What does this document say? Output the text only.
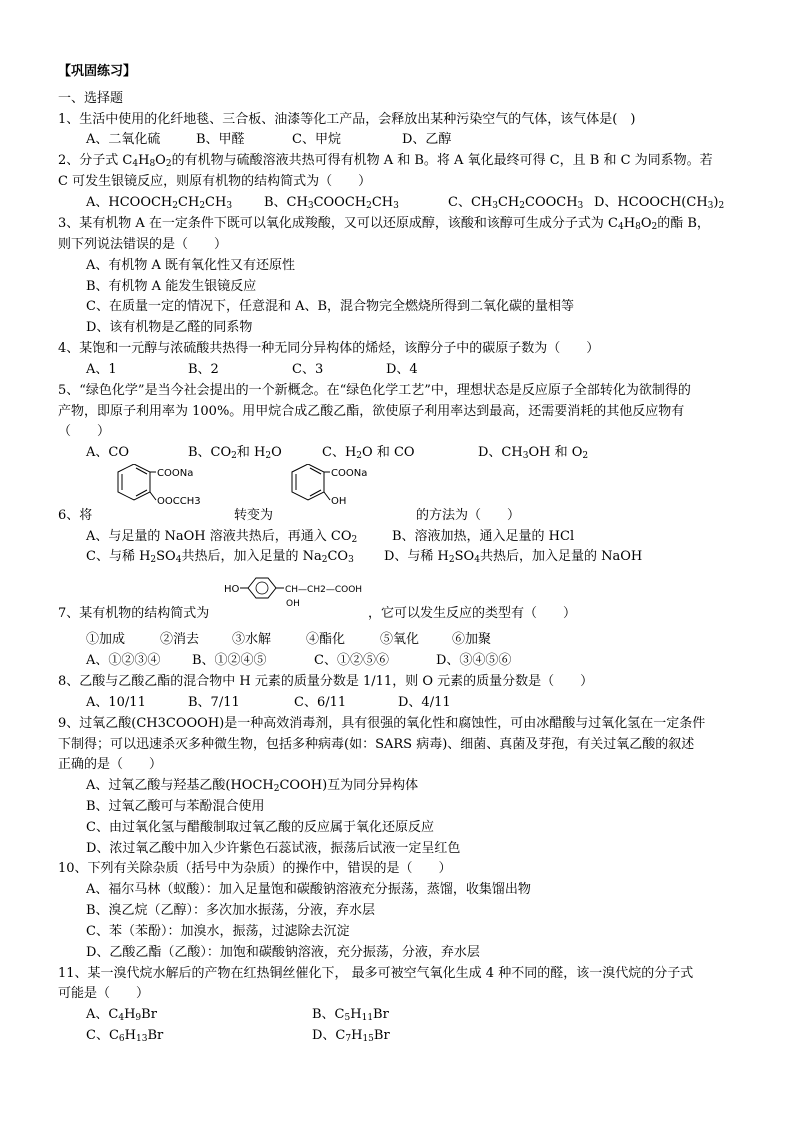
【巩固练习】
一、选择题
1、生活中使用的化纤地毯、三合板、油漆等化工产品，会释放出某种污染空气的气体，该气体是(　)
A、二氧化硫	B、甲醛	C、甲烷	D、乙醇
2、分子式 $C_4H_8O_2$的有机物与硫酸溶液共热可得有机物 A 和 B。将 A 氧化最终可得 C，且 B 和 C 为同系物。若
C 可发生银镜反应，则原有机物的结构简式为（　　）
A、$HCOOCH_2CH_2CH_3$ B、$CH_3COOCH_2CH_3$	C、$CH_3CH_2COOCH_3$ D、$HCOOCH(CH_3)_2$
3、某有机物 A 在一定条件下既可以氧化成羧酸，又可以还原成醇，该酸和该醇可生成分子式为 $C_4H_8O_2$的酯 B，
则下列说法错误的是（　　）
A、有机物 A 既有氧化性又有还原性
B、有机物 A 能发生银镜反应
C、在质量一定的情况下，任意混和 A、B，混合物完全燃烧所得到二氧化碳的量相等
D、该有机物是乙醛的同系物
4、某饱和一元醇与浓硫酸共热得一种无同分异构体的烯烃，该醇分子中的碳原子数为（　　）
A、1	B、2	C、3	D、4
5、“绿色化学”是当今社会提出的一个新概念。在“绿色化学工艺”中，理想状态是反应原子全部转化为欲制得的
产物，即原子利用率为 100%。用甲烷合成乙酸乙酯，欲使原子利用率达到最高，还需要消耗的其他反应物有
（　　）
A、CO	B、$CO_2$和 $H_2O$	C、$H_2O$ 和 CO	D、$CH_3OH$ 和 $O_2$
COONa
OOCCH3
COONa
OH
6、将	转变为	的方法为（　　）
A、与足量的 NaOH 溶液共热后，再通入 $CO_2$	B、溶液加热，通入足量的 HCl
C、与稀 $H_2SO_4$共热后，加入足量的 $Na_2CO_3$ D、与稀 $H_2SO_4$共热后，加入足量的 NaOH
HO	CH—CH2—COOH
OH
7、某有机物的结构简式为	，它可以发生反应的类型有（　　）
①加成	②消去	③水解	④酯化	⑤氧化	⑥加聚
A、①②③④ B、①②④⑤	C、①②⑤⑥	D、③④⑤⑥
8、乙酸与乙酸乙酯的混合物中 H 元素的质量分数是 1/11，则 O 元素的质量分数是（　　）
A、10/11	B、7/11	C、6/11	D、4/11
9、过氧乙酸(CH3COOOH)是一种高效消毒剂，具有很强的氧化性和腐蚀性，可由冰醋酸与过氧化氢在一定条件
下制得；可以迅速杀灭多种微生物，包括多种病毒(如：SARS 病毒)、细菌、真菌及芽孢，有关过氧乙酸的叙述
正确的是（　　）
A、过氧乙酸与羟基乙酸$(HOCH_2COOH)$互为同分异构体
B、过氧乙酸可与苯酚混合使用
C、由过氧化氢与醋酸制取过氧乙酸的反应属于氧化还原反应
D、浓过氧乙酸中加入少许紫色石蕊试液，振荡后试液一定呈红色
10、下列有关除杂质（括号中为杂质）的操作中，错误的是（　　）
A、福尔马林（蚁酸）：加入足量饱和碳酸钠溶液充分振荡，蒸馏，收集馏出物
B、溴乙烷（乙醇）：多次加水振荡，分液，弃水层
C、苯（苯酚）：加溴水，振荡，过滤除去沉淀
D、乙酸乙酯（乙酸）：加饱和碳酸钠溶液，充分振荡，分液，弃水层
11、某一溴代烷水解后的产物在红热铜丝催化下， 最多可被空气氧化生成 4 种不同的醛，该一溴代烷的分子式
可能是（　　）
A、$C_4H_9Br$	B、$C_5H_{11}Br$
C、$C_6H_{13}Br$	D、$C_7H_{15}Br$
